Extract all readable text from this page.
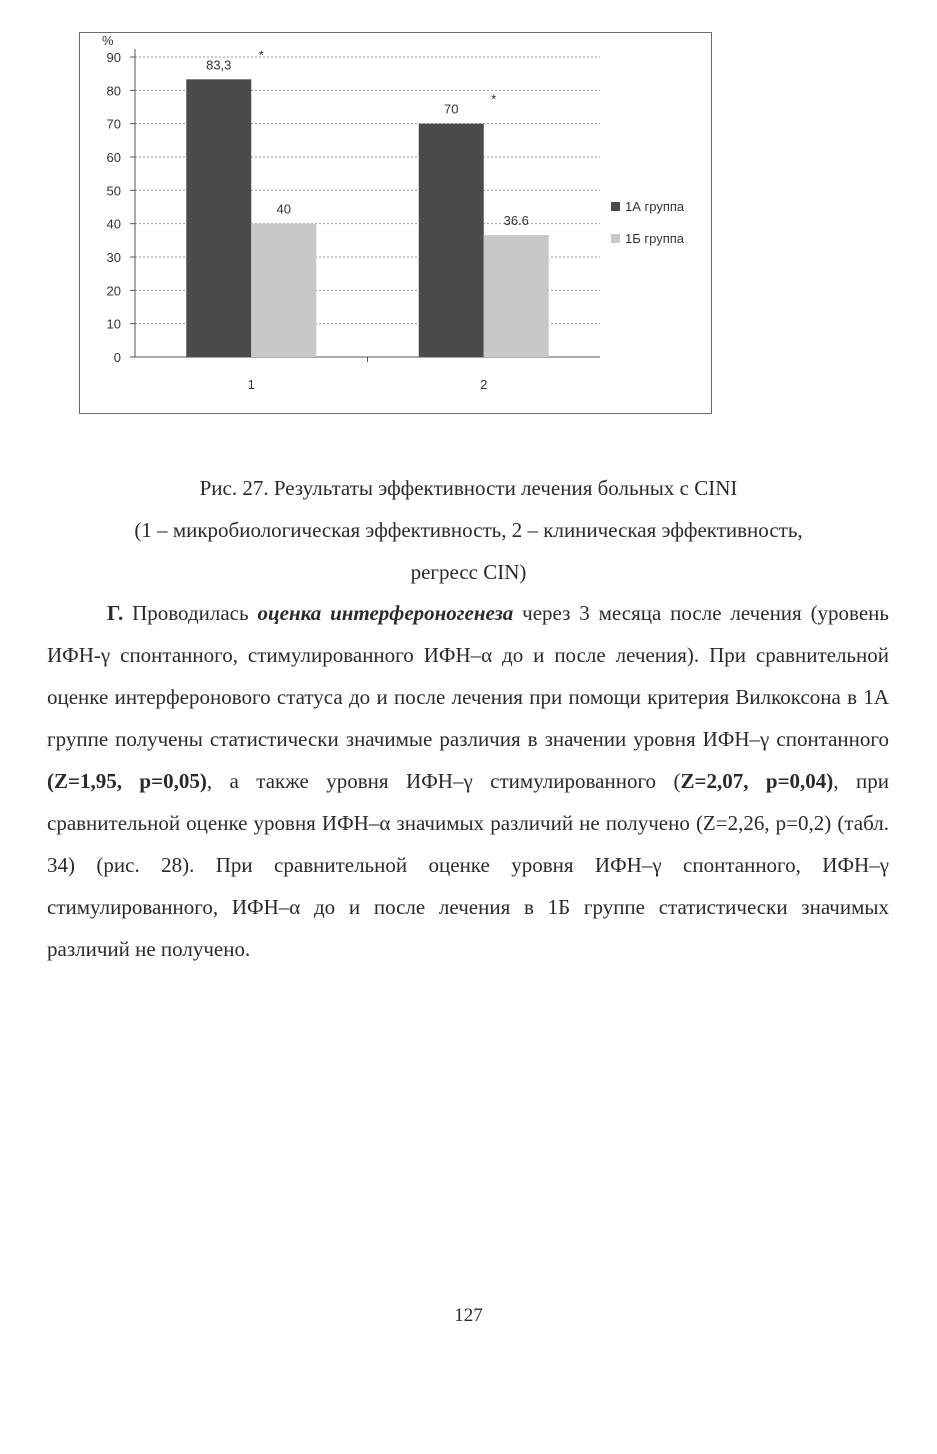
%
0
10
20
30
40
50
60
70
80
90
1
83,3
40
*
2
70
36.6
*
1А группа
1Б группа
Рис. 27. Результаты эффективности лечения больных с CINI
(1 – микробиологическая эффективность, 2 – клиническая эффективность,
регресс CIN)

Г. Проводилась оценка интерфероногенеза через 3 месяца после лечения (уровень ИФН-γ спонтанного, стимулированного ИФН–α до и после лечения). При сравнительной оценке интерферонового статуса до и после лечения при помощи критерия Вилкоксона в 1А группе получены статистически значимые различия в значении уровня ИФН–γ спонтанного (Z=1,95, p=0,05), а также уровня ИФН–γ стимулированного (Z=2,07, p=0,04), при сравнительной оценке уровня ИФН–α значимых различий не получено (Z=2,26, p=0,2) (табл. 34) (рис. 28). При сравнительной оценке уровня ИФН–γ спонтанного, ИФН–γ стимулированного, ИФН–α до и после лечения в 1Б группе статистически значимых различий не получено.

127
